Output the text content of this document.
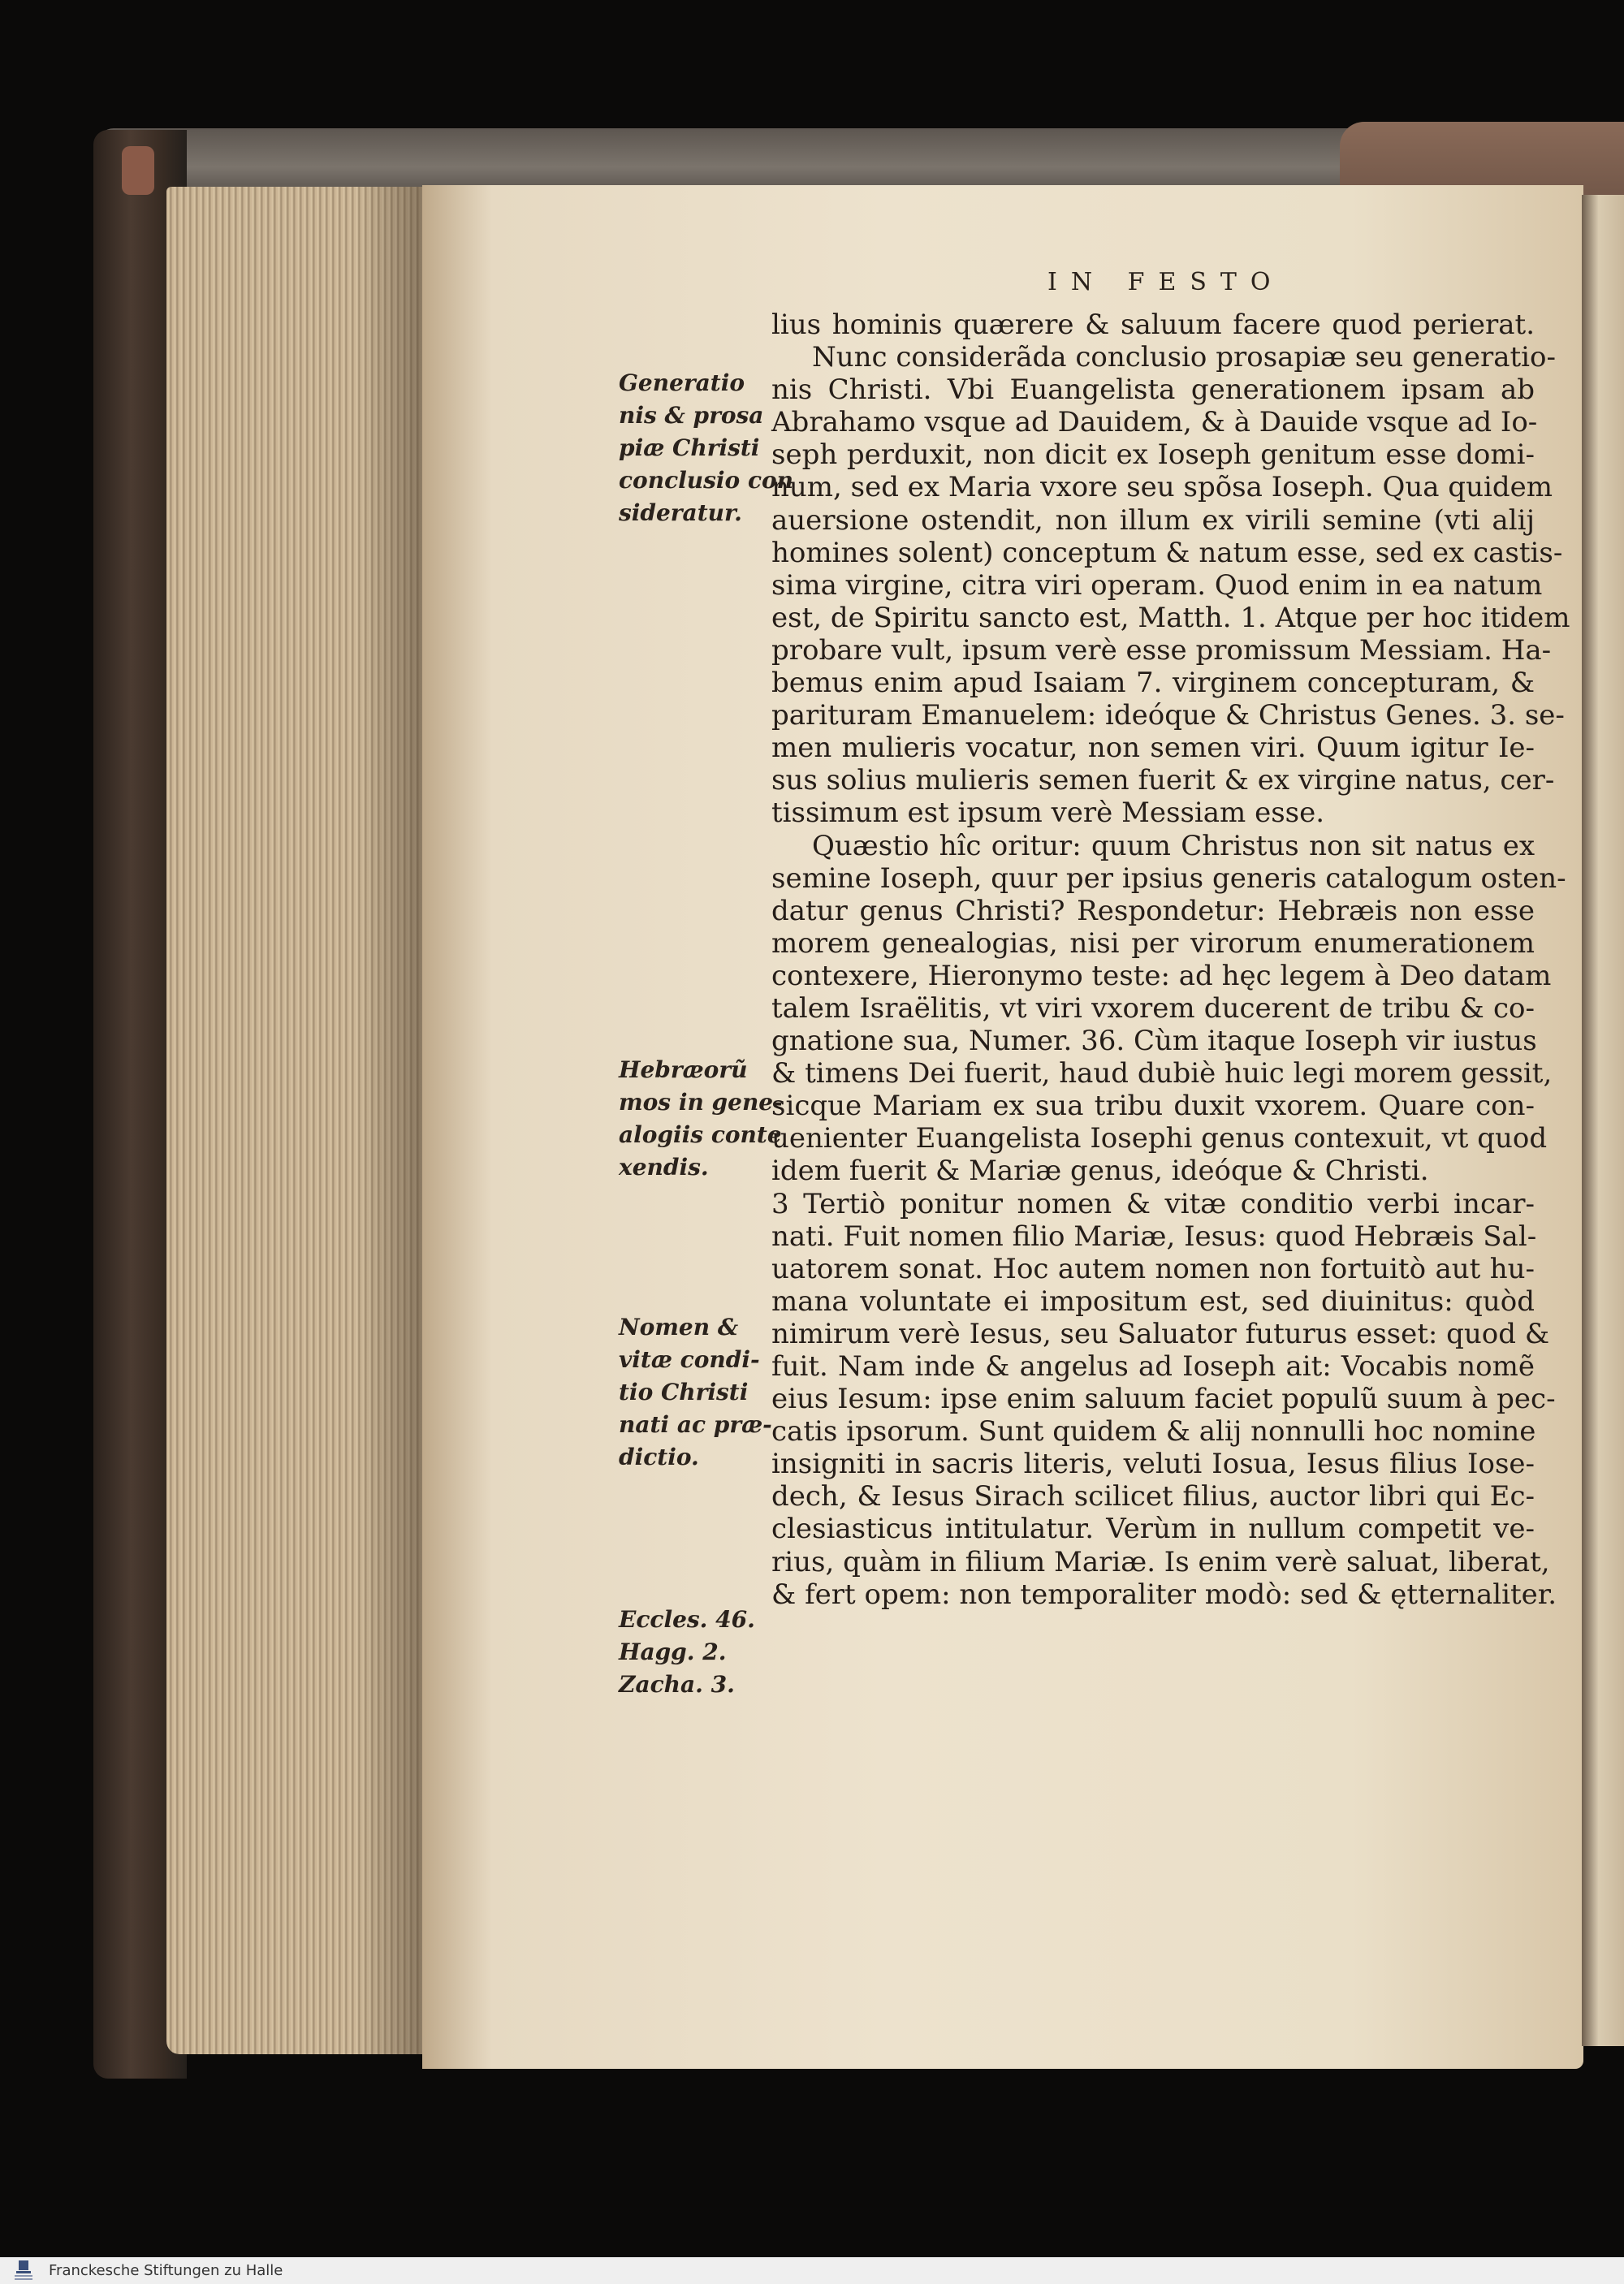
IN FESTO
lius hominis quærere & saluum facere quod perierat.
Nunc considerãda conclusio prosapiæ seu generatio-
nis Christi. Vbi Euangelista generationem ipsam ab
Abrahamo vsque ad Dauidem, & à Dauide vsque ad Io-
seph perduxit, non dicit ex Ioseph genitum esse domi-
num, sed ex Maria vxore seu spõsa Ioseph. Qua quidem
auersione ostendit, non illum ex virili semine (vti alij
homines solent) conceptum & natum esse, sed ex castis-
sima virgine, citra viri operam. Quod enim in ea natum
est, de Spiritu sancto est, Matth. 1. Atque per hoc itidem
probare vult, ipsum verè esse promissum Messiam. Ha-
bemus enim apud Isaiam 7. virginem concepturam, &
parituram Emanuelem: ideóque & Christus Genes. 3. se-
men mulieris vocatur, non semen viri. Quum igitur Ie-
sus solius mulieris semen fuerit & ex virgine natus, cer-
tissimum est ipsum verè Messiam esse.
Quæstio hîc oritur: quum Christus non sit natus ex
semine Ioseph, quur per ipsius generis catalogum osten-
datur genus Christi? Respondetur: Hebræis non esse
morem genealogias, nisi per virorum enumerationem
contexere, Hieronymo teste: ad hęc legem à Deo datam
talem Israëlitis, vt viri vxorem ducerent de tribu & co-
gnatione sua, Numer. 36. Cùm itaque Ioseph vir iustus
& timens Dei fuerit, haud dubiè huic legi morem gessit,
sicque Mariam ex sua tribu duxit vxorem. Quare con-
uenienter Euangelista Iosephi genus contexuit, vt quod
idem fuerit & Mariæ genus, ideóque & Christi.
3 Tertiò ponitur nomen & vitæ conditio verbi incar-
nati. Fuit nomen filio Mariæ, Iesus: quod Hebræis Sal-
uatorem sonat. Hoc autem nomen non fortuitò aut hu-
mana voluntate ei impositum est, sed diuinitus: quòd
nimirum verè Iesus, seu Saluator futurus esset: quod &
fuit. Nam inde & angelus ad Ioseph ait: Vocabis nomẽ
eius Iesum: ipse enim saluum faciet populũ suum à pec-
catis ipsorum. Sunt quidem & alij nonnulli hoc nomine
insigniti in sacris literis, veluti Iosua, Iesus filius Iose-
dech, & Iesus Sirach scilicet filius, auctor libri qui Ec-
clesiasticus intitulatur. Verùm in nullum competit ve-
rius, quàm in filium Mariæ. Is enim verè saluat, liberat,
& fert opem: non temporaliter modò: sed & ętternaliter.
Generatio
nis & prosa
piæ Christi
conclusio con
sideratur.
Hebræorũ
mos in gene-
alogiis conte
xendis.
Nomen &
vitæ condi-
tio Christi
nati ac præ-
dictio.
Eccles. 46.
Hagg. 2.
Zacha. 3.
Franckesche Stiftungen zu Halle
